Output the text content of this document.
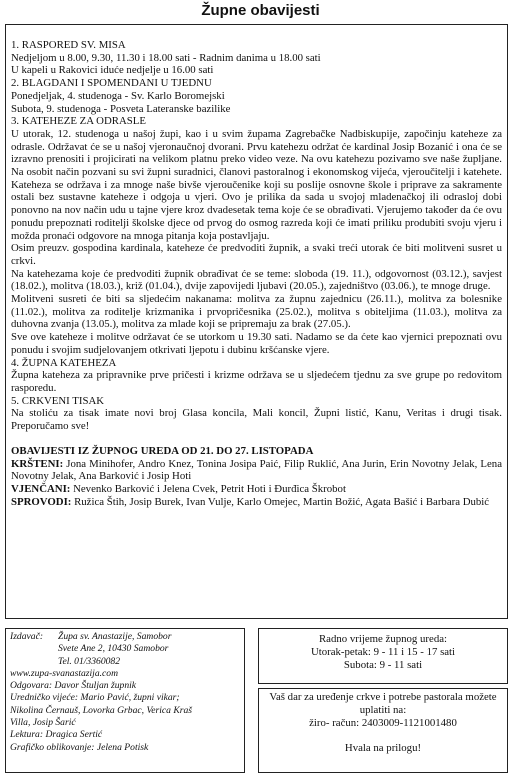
Župne obavijesti

1. RASPORED SV. MISA

Nedjeljom u 8.00, 9.30, 11.30 i 18.00 sati - Radnim danima u 18.00 sati

U kapeli u Rakovici iduće nedjelje u 16.00 sati

2. BLAGDANI I SPOMENDANI U TJEDNU

Ponedjeljak, 4. studenoga - Sv. Karlo Boromejski

Subota, 9. studenoga - Posveta Lateranske bazilike

3. KATEHEZE ZA ODRASLE

U utorak, 12. studenoga u našoj župi, kao i u svim župama Zagrebačke Nadbiskupije, započinju kateheze za odrasle. Održavat će se u našoj vjeronaučnoj dvorani. Prvu katehezu održat će kardinal Josip Bozanić i ona će se izravno prenositi i projicirati na velikom platnu preko video veze. Na ovu katehezu pozivamo sve naše župljane. Na osobit način pozvani su svi župni suradnici, članovi pastoralnog i ekonomskog vijeća, vjeroučitelji i katehete. Kateheza se održava i za mnoge naše bivše vjeroučenike koji su poslije osnovne škole i priprave za sakramente ostali bez sustavne kateheze i odgoja u vjeri. Ovo je prilika da sada u svojoj mladenačkoj ili odrasloj dobi ponovno na nov način udu u tajne vjere kroz dvadesetak tema koje će se obrađivati. Vjerujemo također da će ovu ponudu prepoznati roditelji školske djece od prvog do osmog razreda koji će imati priliku produbiti svoju vjeru i možda pronaći odgovore na mnoga pitanja koja postavljaju.

Osim preuzv. gospodina kardinala, kateheze će predvoditi župnik, a svaki treći utorak će biti molitveni susret u crkvi.

Na katehezama koje će predvoditi župnik obrađivat će se teme: sloboda (19. 11.), odgovornost (03.12.), savjest (18.02.), molitva (18.03.), križ (01.04.), dvije zapovijedi ljubavi (20.05.), zajedništvo (03.06.), te mnoge druge.

Molitveni susreti će biti sa sljedećim nakanama: molitva za župnu zajednicu (26.11.), molitva za bolesnike (11.02.), molitva za roditelje krizmanika i prvopričesnika (25.02.), molitva s obiteljima (11.03.), molitva za duhovna zvanja (13.05.), molitva za mlade koji se pripremaju za brak (27.05.).

Sve ove kateheze i molitve održavat će se utorkom u 19.30 sati. Nadamo se da ćete kao vjernici prepoznati ovu ponudu i svojim sudjelovanjem otkrivati ljepotu i dubinu kršćanske vjere.

4. ŽUPNA KATEHEZA

Župna kateheza za pripravnike prve pričesti i krizme održava se u sljedećem tjednu za sve grupe po redovitom rasporedu.

5. CRKVENI TISAK

Na stoliću za tisak imate novi broj Glasa koncila, Mali koncil, Župni listić, Kanu, Veritas i drugi tisak. Preporučamo sve!

OBAVIJESTI IZ ŽUPNOG UREDA OD 21. DO 27. LISTOPADA

KRŠTENI: Jona Minihofer, Andro Knez, Tonina Josipa Paić, Filip Ruklić, Ana Jurin, Erin Novotny Jelak, Lena Novotny Jelak, Ana Barković i Josip Hoti

VJENČANI: Nevenko Barković i Jelena Cvek, Petrit Hoti i Đurđica Škrobot

SPROVODI: Ružica Štih, Josip Burek, Ivan Vulje, Karlo Omejec, Martin Božić, Agata Bašić i Barbara Dubić

Izdavač:	Župa sv. Anastazije, Samobor
Svete Ane 2, 10430 Samobor
Tel. 01/3360082
www.zupa-svanastazija.com
Odgovara: Davor Štuljan župnik
Uredničko vijeće: Mario Pavić, župni vikar;
Nikolina Černauš, Lovorka Grbac, Verica Kraš
Villa, Josip Šarić
Lektura: Dragica Sertić
Grafičko oblikovanje: Jelena Potisk
Radno vrijeme župnog ureda:
Utorak-petak: 9 - 11 i 15 - 17 sati
Subota: 9 - 11 sati
Vaš dar za uređenje crkve i potrebe pastorala možete uplatiti na:
žiro- račun: 2403009-1121001480
Hvala na prilogu!
